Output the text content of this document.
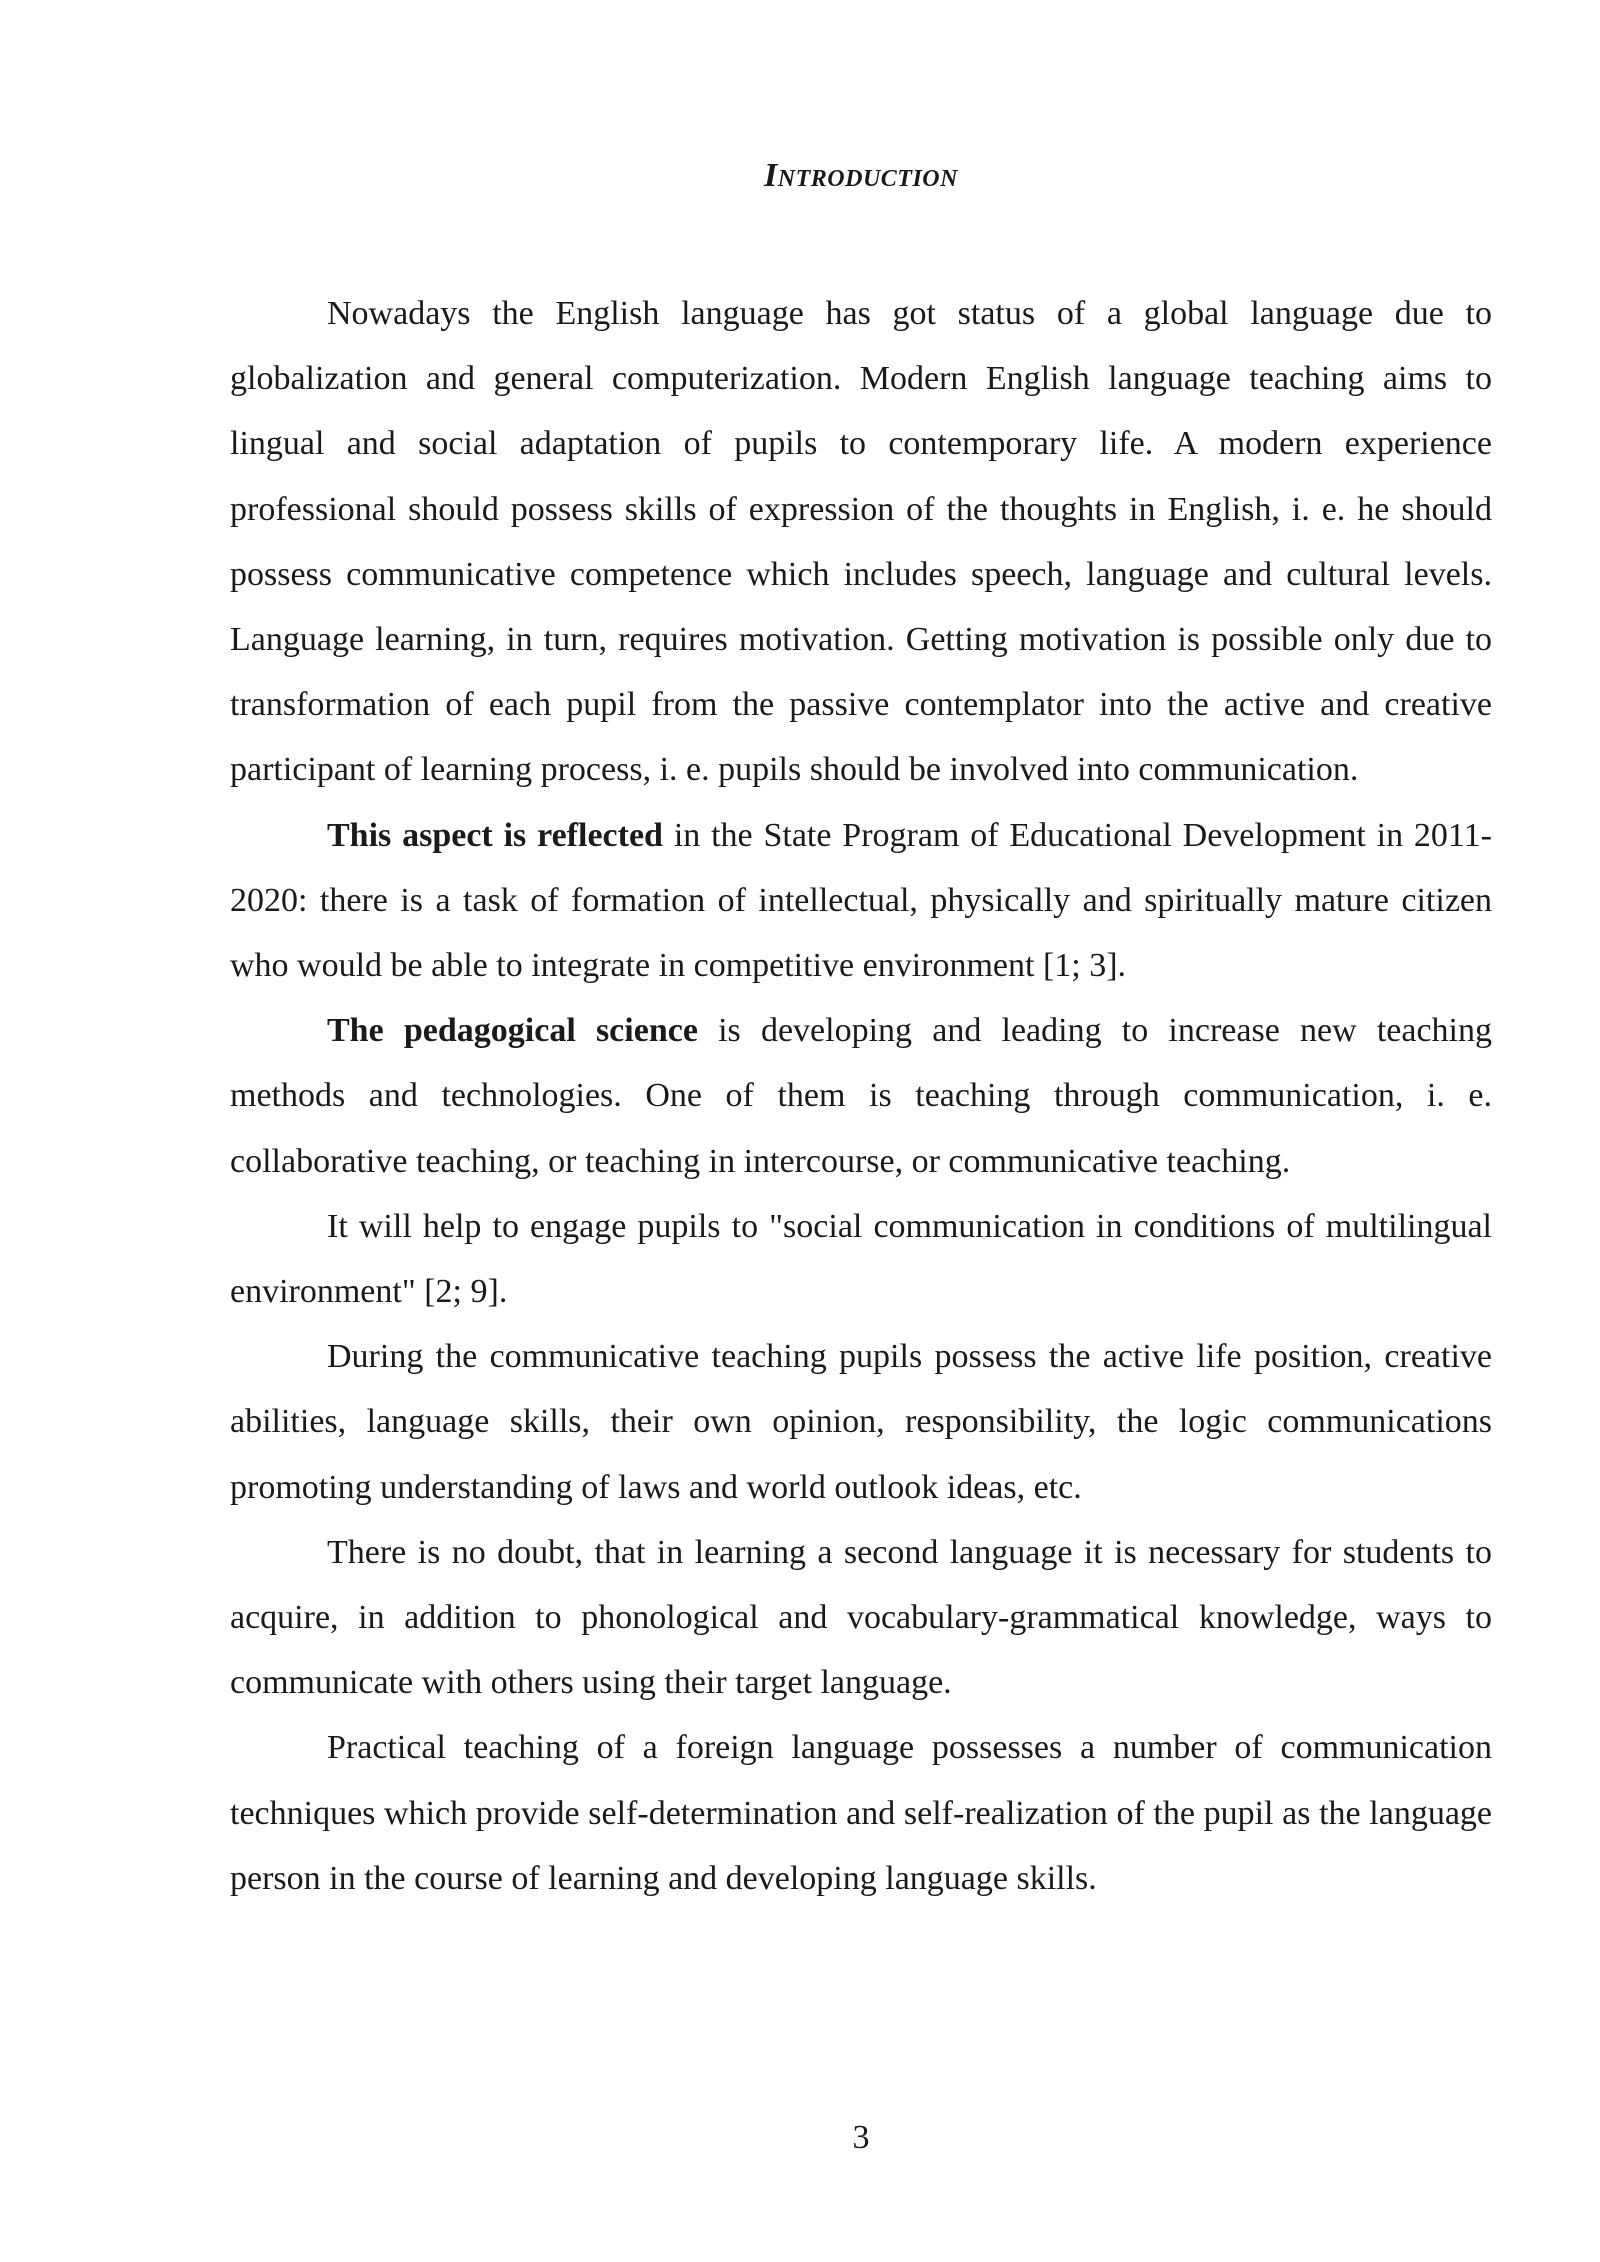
Introduction

Nowadays the English language has got status of a global language due to globalization and general computerization. Modern English language teaching aims to lingual and social adaptation of pupils to contemporary life. A modern experience professional should possess skills of expression of the thoughts in English, i. e. he should possess communicative competence which includes speech, language and cultural levels. Language learning, in turn, requires motivation. Getting motivation is possible only due to transformation of each pupil from the passive contemplator into the active and creative participant of learning process, i. e. pupils should be involved into communication.

This aspect is reflected in the State Program of Educational Development in 2011-2020: there is a task of formation of intellectual, physically and spiritually mature citizen who would be able to integrate in competitive environment [1; 3].

The pedagogical science is developing and leading to increase new teaching methods and technologies. One of them is teaching through communication, i. e. collaborative teaching, or teaching in intercourse, or communicative teaching.

It will help to engage pupils to "social communication in conditions of multilingual environment" [2; 9].

During the communicative teaching pupils possess the active life position, creative abilities, language skills, their own opinion, responsibility, the logic communications promoting understanding of laws and world outlook ideas, etc.

There is no doubt, that in learning a second language it is necessary for students to acquire, in addition to phonological and vocabulary-grammatical knowledge, ways to communicate with others using their target language.

Practical teaching of a foreign language possesses a number of communication techniques which provide self-determination and self-realization of the pupil as the language person in the course of learning and developing language skills.

3
